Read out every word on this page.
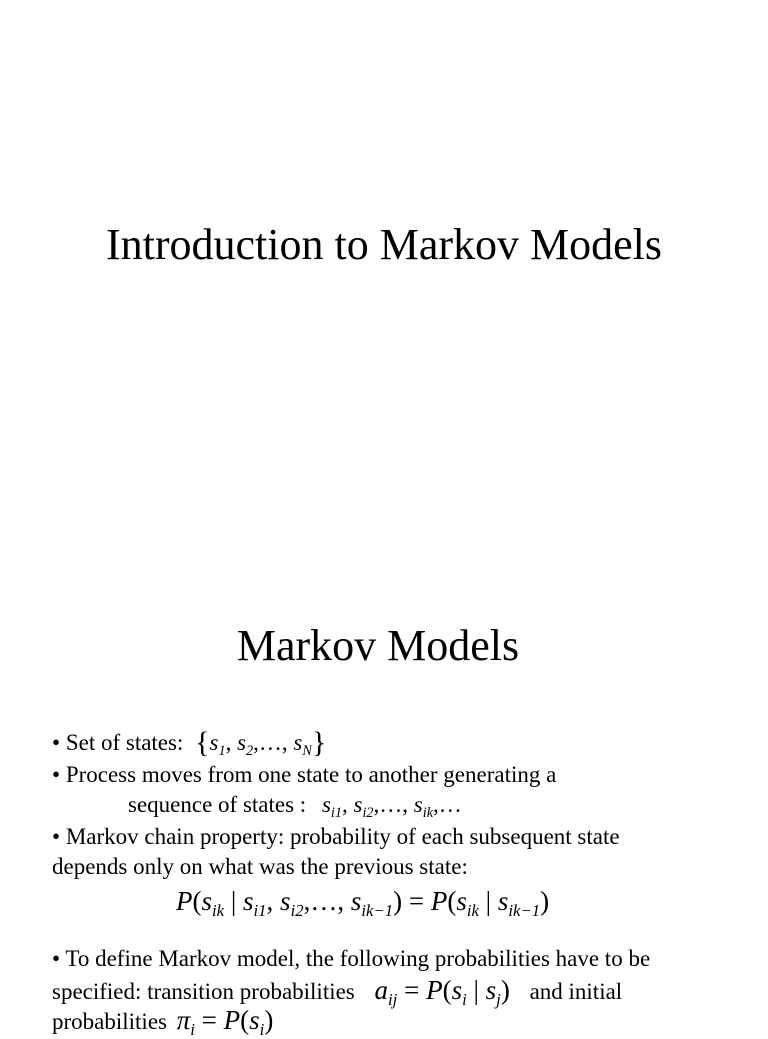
Introduction to Markov Models
Markov Models
• Set of states: {$s_1$, $s_2,\dots$, $s_N$}
• Process moves from one state to another generating a
sequence of states : $s_{i1}$, $s_{i2},\dots$, $s_{ik},\dots$
• Markov chain property: probability of each subsequent state
depends only on what was the previous state:
$P(s_{ik}$ | $s_{i1}$, $s_{i2},\dots$, $s_{ik-1}) = P(s_{ik}$ | $s_{ik-1}$)
• To define Markov model, the following probabilities have to be
specified: transition probabilities $a_{ij} = P(s_i$ | $s_j$) and initial
probabilities $\pi_i = P(s_i)$
